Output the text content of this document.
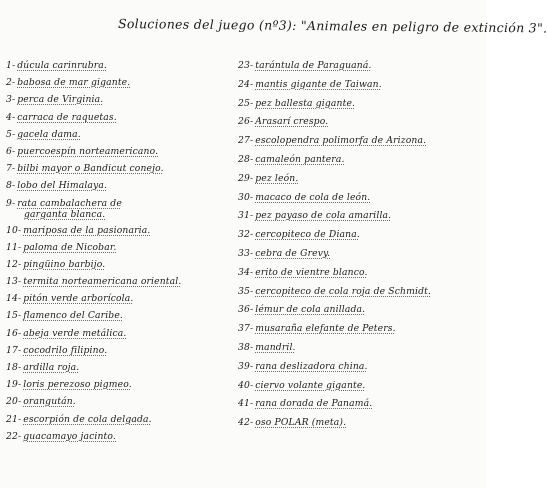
Soluciones del juego (nº3): "Animales en peligro de extinción 3".
1- dúcula carinrubra.
2- babosa de mar gigante.
3- perca de Virginia.
4- carraca de raquetas.
5- gacela dama.
6- puercoespín norteamericano.
7- bilbi mayor o Bandicut conejo.
8- lobo del Himalaya.
9- rata cambalachera de
garganta blanca.
10- mariposa de la pasionaria.
11- paloma de Nicobar.
12- pingüino barbijo.
13- termita norteamericana oriental.
14- pitón verde arborícola.
15- flamenco del Caribe.
16- abeja verde metálica.
17- cocodrilo filipino.
18- ardilla roja.
19- loris perezoso pigmeo.
20- orangután.
21- escorpión de cola delgada.
22- guacamayo jacinto.
23- tarántula de Paraguaná.
24- mantis gigante de Taiwan.
25- pez ballesta gigante.
26- Arasarí crespo.
27- escolopendra polimorfa de Arizona.
28- camaleón pantera.
29- pez león.
30- macaco de cola de león.
31- pez payaso de cola amarilla.
32- cercopiteco de Diana.
33- cebra de Grevy.
34- erito de vientre blanco.
35- cercopiteco de cola roja de Schmidt.
36- lémur de cola anillada.
37- musaraña elefante de Peters.
38- mandril.
39- rana deslizadora china.
40- ciervo volante gigante.
41- rana dorada de Panamá.
42- oso POLAR (meta).
